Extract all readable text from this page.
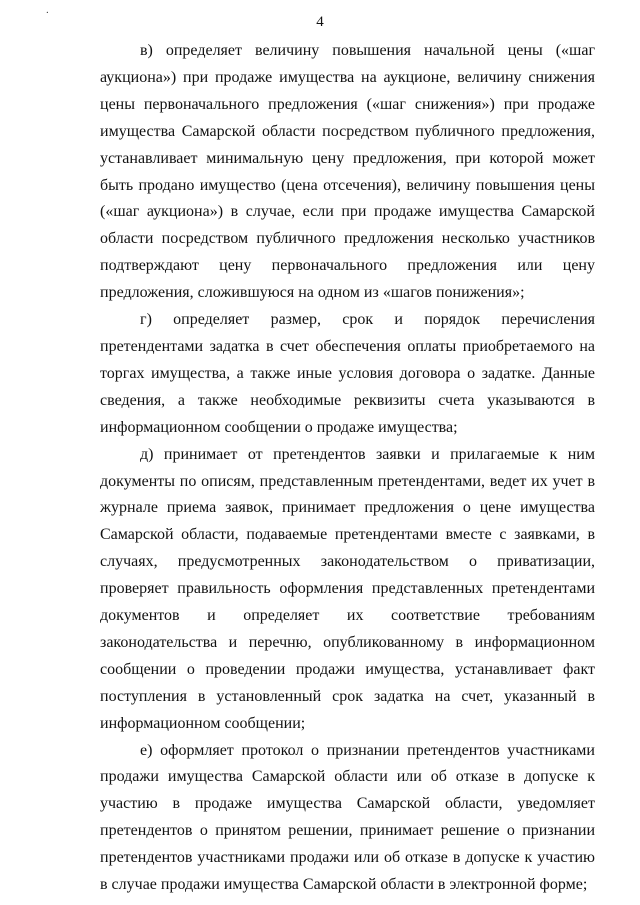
.
4

в) определяет величину повышения начальной цены («шаг аукциона») при продаже имущества на аукционе, величину снижения цены первоначального предложения («шаг снижения») при продаже имущества Самарской области посредством публичного предложения, устанавливает минимальную цену предложения, при которой может быть продано имущество (цена отсечения), величину повышения цены («шаг аукциона») в случае, если при продаже имущества Самарской области посредством публичного предложения несколько участников подтверждают цену первоначального предложения или цену предложения, сложившуюся на одном из «шагов понижения»;

г) определяет размер, срок и порядок перечисления претендентами задатка в счет обеспечения оплаты приобретаемого на торгах имущества, а также иные условия договора о задатке. Данные сведения, а также необходимые реквизиты счета указываются в информационном сообщении о продаже имущества;

д) принимает от претендентов заявки и прилагаемые к ним документы по описям, представленным претендентами, ведет их учет в журнале приема заявок, принимает предложения о цене имущества Самарской области, подаваемые претендентами вместе с заявками, в случаях, предусмотренных законодательством о приватизации, проверяет правильность оформления представленных претендентами документов и определяет их соответствие требованиям законодательства и перечню, опубликованному в информационном сообщении о проведении продажи имущества, устанавливает факт поступления в установленный срок задатка на счет, указанный в информационном сообщении;

е) оформляет протокол о признании претендентов участниками продажи имущества Самарской области или об отказе в допуске к участию в продаже имущества Самарской области, уведомляет претендентов о принятом решении, принимает решение о признании претендентов участниками продажи или об отказе в допуске к участию в случае продажи имущества Самарской области в электронной форме;
